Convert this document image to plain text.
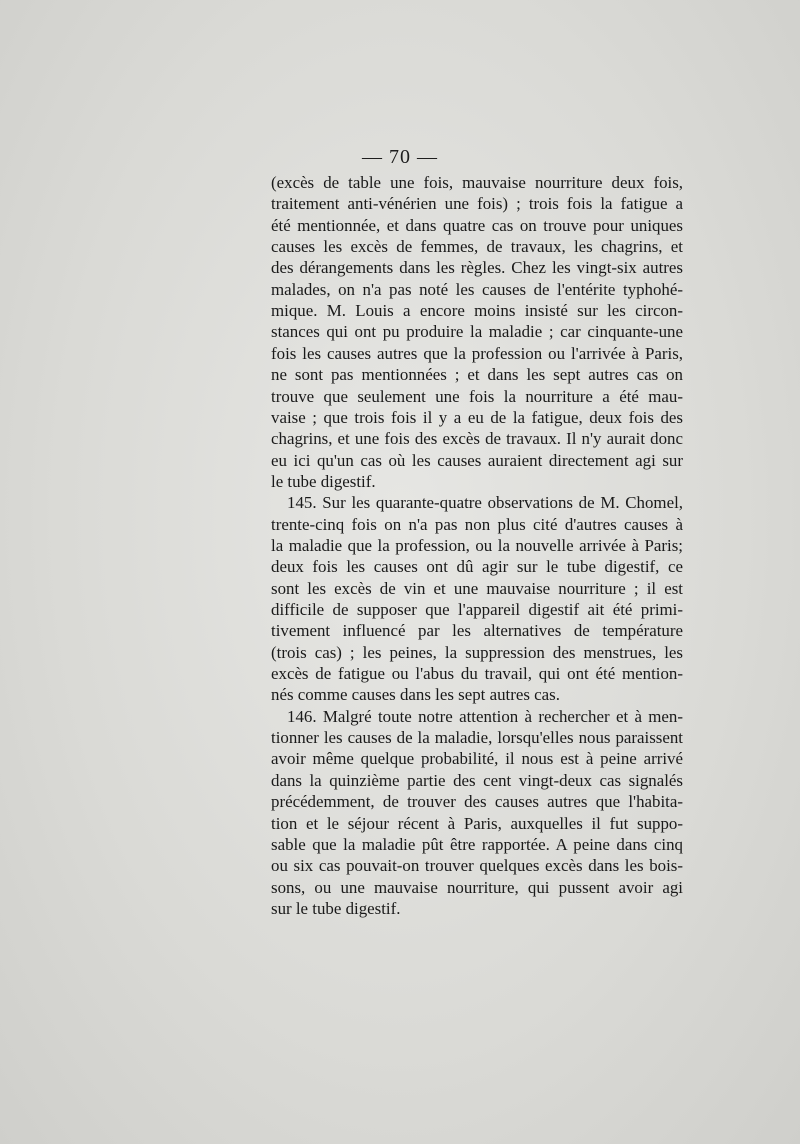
— 70 —
(excès de table une fois, mauvaise nourriture deux fois,
traitement anti-vénérien une fois) ; trois fois la fatigue a
été mentionnée, et dans quatre cas on trouve pour uniques
causes les excès de femmes, de travaux, les chagrins, et
des dérangements dans les règles. Chez les vingt-six autres
malades, on n'a pas noté les causes de l'entérite typhohé-
mique. M. Louis a encore moins insisté sur les circon-
stances qui ont pu produire la maladie ; car cinquante-une
fois les causes autres que la profession ou l'arrivée à Paris,
ne sont pas mentionnées ; et dans les sept autres cas on
trouve que seulement une fois la nourriture a été mau-
vaise ; que trois fois il y a eu de la fatigue, deux fois des
chagrins, et une fois des excès de travaux. Il n'y aurait donc
eu ici qu'un cas où les causes auraient directement agi sur
le tube digestif.
145. Sur les quarante-quatre observations de M. Chomel,
trente-cinq fois on n'a pas non plus cité d'autres causes à
la maladie que la profession, ou la nouvelle arrivée à Paris;
deux fois les causes ont dû agir sur le tube digestif, ce
sont les excès de vin et une mauvaise nourriture ; il est
difficile de supposer que l'appareil digestif ait été primi-
tivement influencé par les alternatives de température
(trois cas) ; les peines, la suppression des menstrues, les
excès de fatigue ou l'abus du travail, qui ont été mention-
nés comme causes dans les sept autres cas.
146. Malgré toute notre attention à rechercher et à men-
tionner les causes de la maladie, lorsqu'elles nous paraissent
avoir même quelque probabilité, il nous est à peine arrivé
dans la quinzième partie des cent vingt-deux cas signalés
précédemment, de trouver des causes autres que l'habita-
tion et le séjour récent à Paris, auxquelles il fut suppo-
sable que la maladie pût être rapportée. A peine dans cinq
ou six cas pouvait-on trouver quelques excès dans les bois-
sons, ou une mauvaise nourriture, qui pussent avoir agi
sur le tube digestif.
